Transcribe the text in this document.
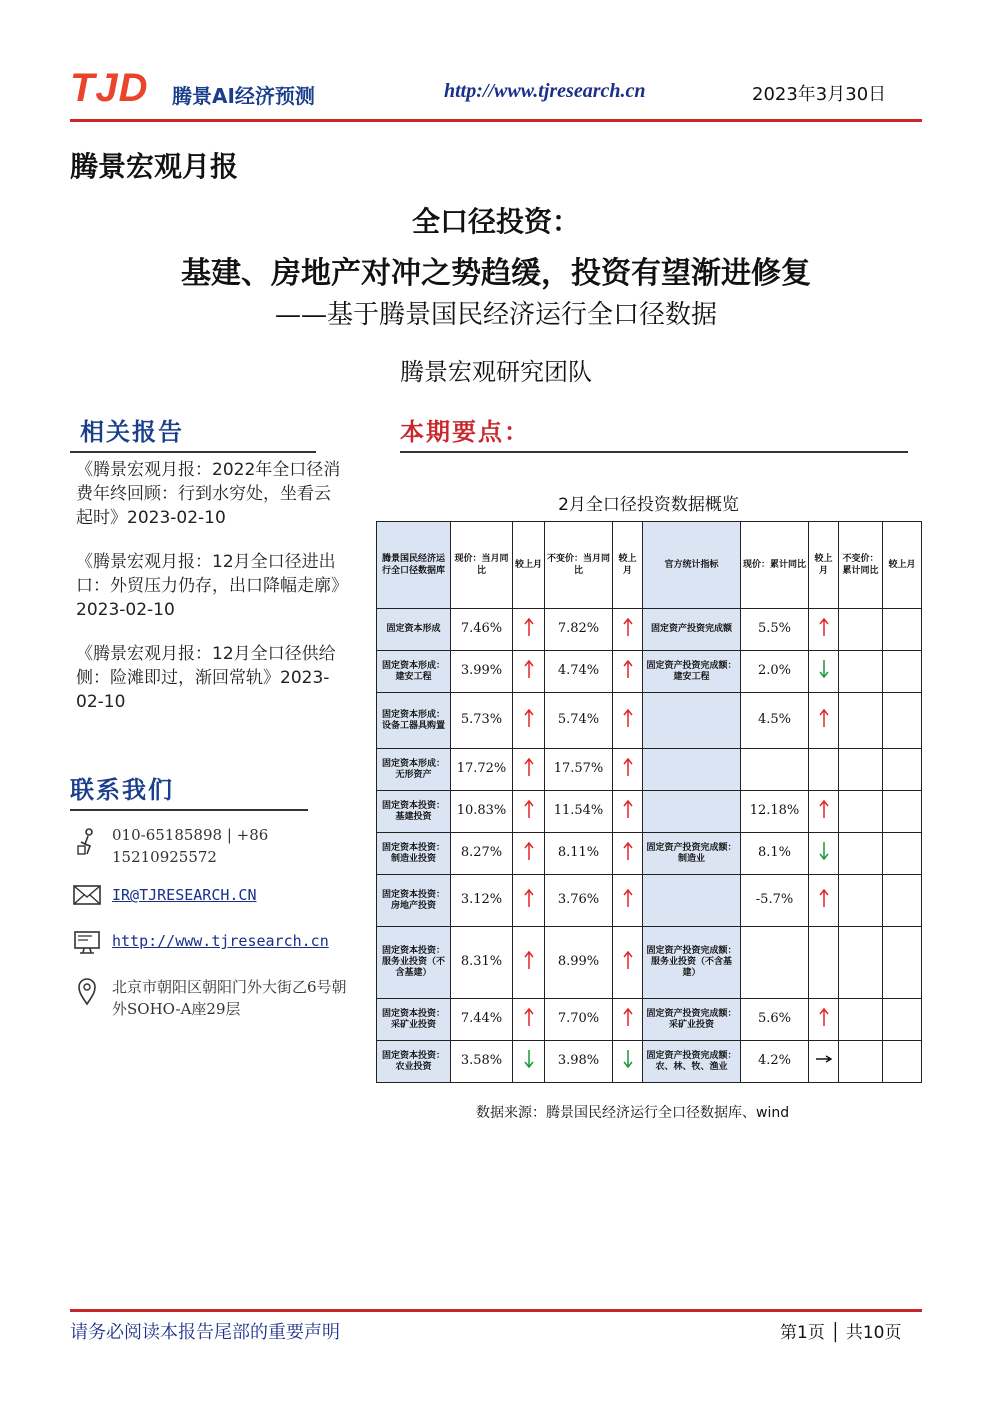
TJD 腾景AI经济预测	http://www.tjresearch.cn	2023年3月30日
腾景宏观月报
全口径投资：
基建、房地产对冲之势趋缓，投资有望渐进修复
——基于腾景国民经济运行全口径数据
腾景宏观研究团队
相关报告
《腾景宏观月报：2022年全口径消费年终回顾：行到水穷处，坐看云起时》2023-02-10
《腾景宏观月报：12月全口径进出口：外贸压力仍存，出口降幅走廓》2023-02-10
《腾景宏观月报：12月全口径供给侧：险滩即过，渐回常轨》2023-02-10
联系我们
010-65185898 | +86 15210925572
IR@TJRESEARCH.CN
http://www.tjresearch.cn
北京市朝阳区朝阳门外大街乙6号朝外SOHO-A座29层
本期要点：
2月全口径投资数据概览
腾景国民经济运行全口径数据库	现价：当月同比	较上月	不变价：当月同比	较上月	官方统计指标	现价：累计同比	较上月	不变价：累计同比	较上月
固定资本形成	7.46%		7.82%		固定资产投资完成额	5.5%			
固定资本形成：建安工程	3.99%		4.74%		固定资产投资完成额：建安工程	2.0%			
固定资本形成：设备工器具购置	5.73%		5.74%			4.5%			
固定资本形成：无形资产	17.72%		17.57%						
固定资本投资：基建投资	10.83%		11.54%			12.18%			
固定资本投资：制造业投资	8.27%		8.11%		固定资产投资完成额：制造业	8.1%			
固定资本投资：房地产投资	3.12%		3.76%			-5.7%			
固定资本投资：服务业投资（不含基建）	8.31%		8.99%		固定资产投资完成额：服务业投资（不含基建）				
固定资本投资：采矿业投资	7.44%		7.70%		固定资产投资完成额：采矿业投资	5.6%			
固定资本投资：农业投资	3.58%		3.98%		固定资产投资完成额：农、林、牧、渔业	4.2%			
数据来源：腾景国民经济运行全口径数据库、wind
请务必阅读本报告尾部的重要声明	第1页 │ 共10页
